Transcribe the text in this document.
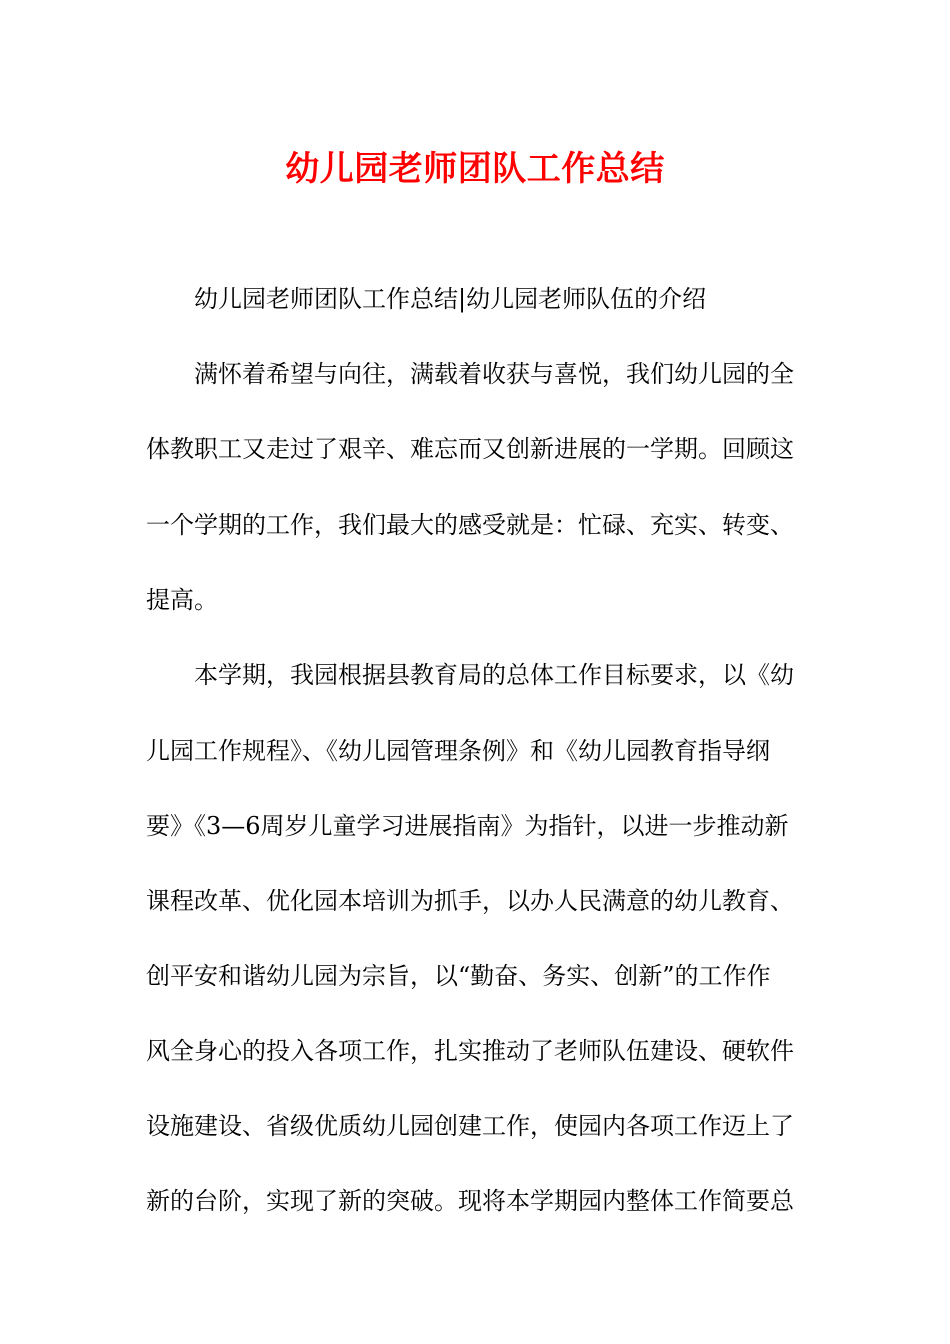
幼儿园老师团队工作总结
幼儿园老师团队工作总结|幼儿园老师队伍的介绍
满怀着希望与向往，满载着收获与喜悦，我们幼儿园的全
体教职工又走过了艰辛、难忘而又创新进展的一学期。回顾这
一个学期的工作，我们最大的感受就是：忙碌、充实、转变、
提高。
本学期，我园根据县教育局的总体工作目标要求，以《幼
儿园工作规程》、《幼儿园管理条例》和《幼儿园教育指导纲
要》《3—6周岁儿童学习进展指南》为指针，以进一步推动新
课程改革、优化园本培训为抓手，以办人民满意的幼儿教育、
创平安和谐幼儿园为宗旨，以“勤奋、务实、创新”的工作作
风全身心的投入各项工作，扎实推动了老师队伍建设、硬软件
设施建设、省级优质幼儿园创建工作，使园内各项工作迈上了
新的台阶，实现了新的突破。现将本学期园内整体工作简要总
